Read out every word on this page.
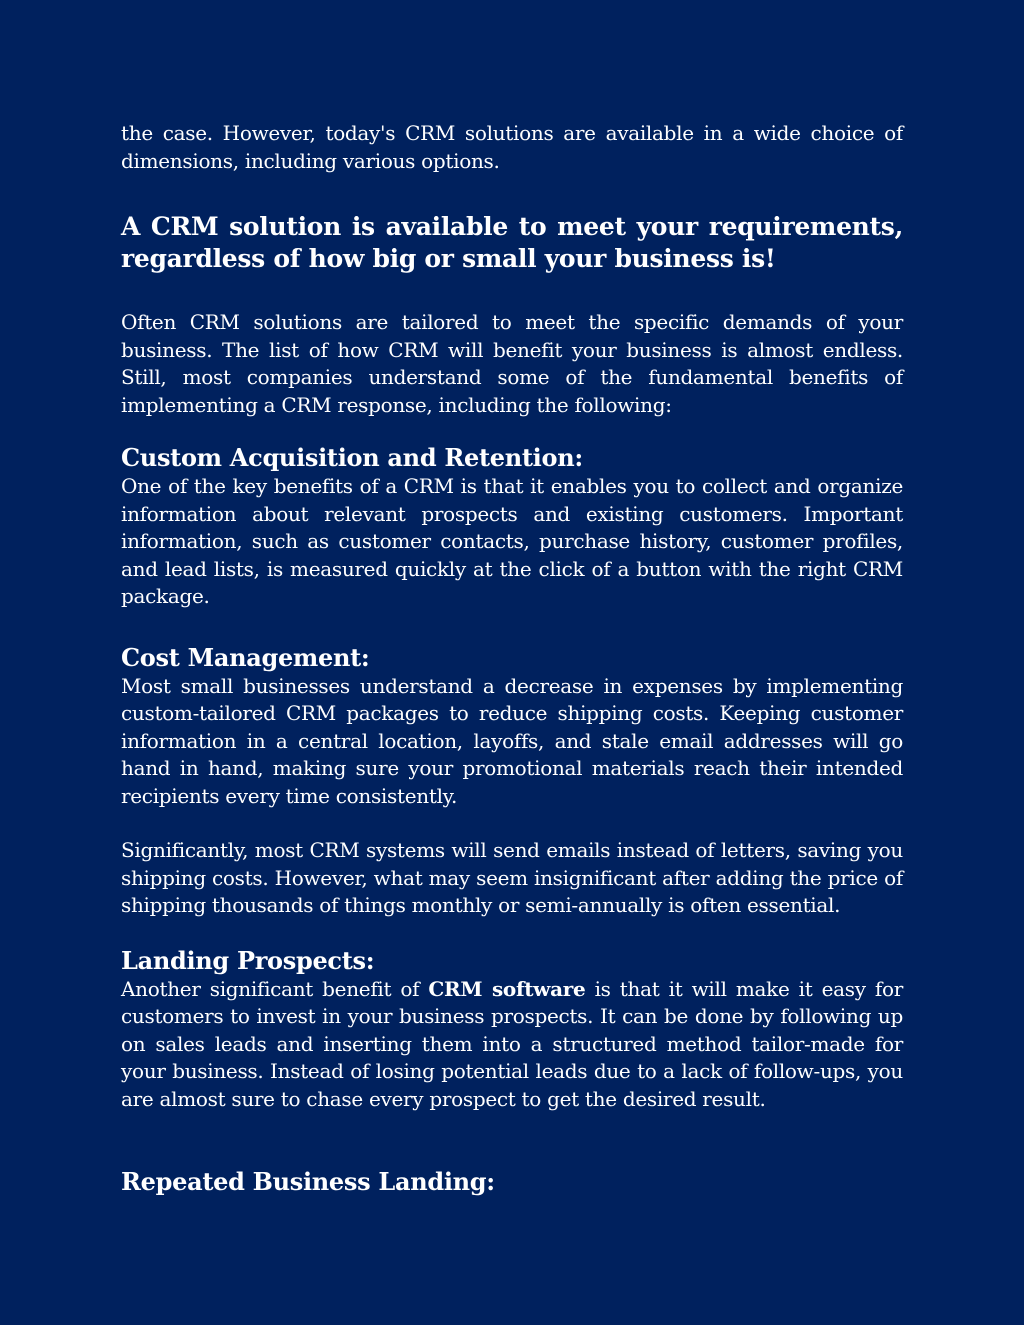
the case. However, today's CRM solutions are available in a wide choice of dimensions, including various options.

A CRM solution is available to meet your requirements, regardless of how big or small your business is!

Often CRM solutions are tailored to meet the specific demands of your business. The list of how CRM will benefit your business is almost endless. Still, most companies understand some of the fundamental benefits of implementing a CRM response, including the following:

Custom Acquisition and Retention:

One of the key benefits of a CRM is that it enables you to collect and organize information about relevant prospects and existing customers. Important information, such as customer contacts, purchase history, customer profiles, and lead lists, is measured quickly at the click of a button with the right CRM package.

Cost Management:

Most small businesses understand a decrease in expenses by implementing custom-tailored CRM packages to reduce shipping costs. Keeping customer information in a central location, layoffs, and stale email addresses will go hand in hand, making sure your promotional materials reach their intended recipients every time consistently.

Significantly, most CRM systems will send emails instead of letters, saving you shipping costs. However, what may seem insignificant after adding the price of shipping thousands of things monthly or semi-annually is often essential.

Landing Prospects:

Another significant benefit of CRM software is that it will make it easy for customers to invest in your business prospects. It can be done by following up on sales leads and inserting them into a structured method tailor-made for your business. Instead of losing potential leads due to a lack of follow-ups, you are almost sure to chase every prospect to get the desired result.

Repeated Business Landing:
